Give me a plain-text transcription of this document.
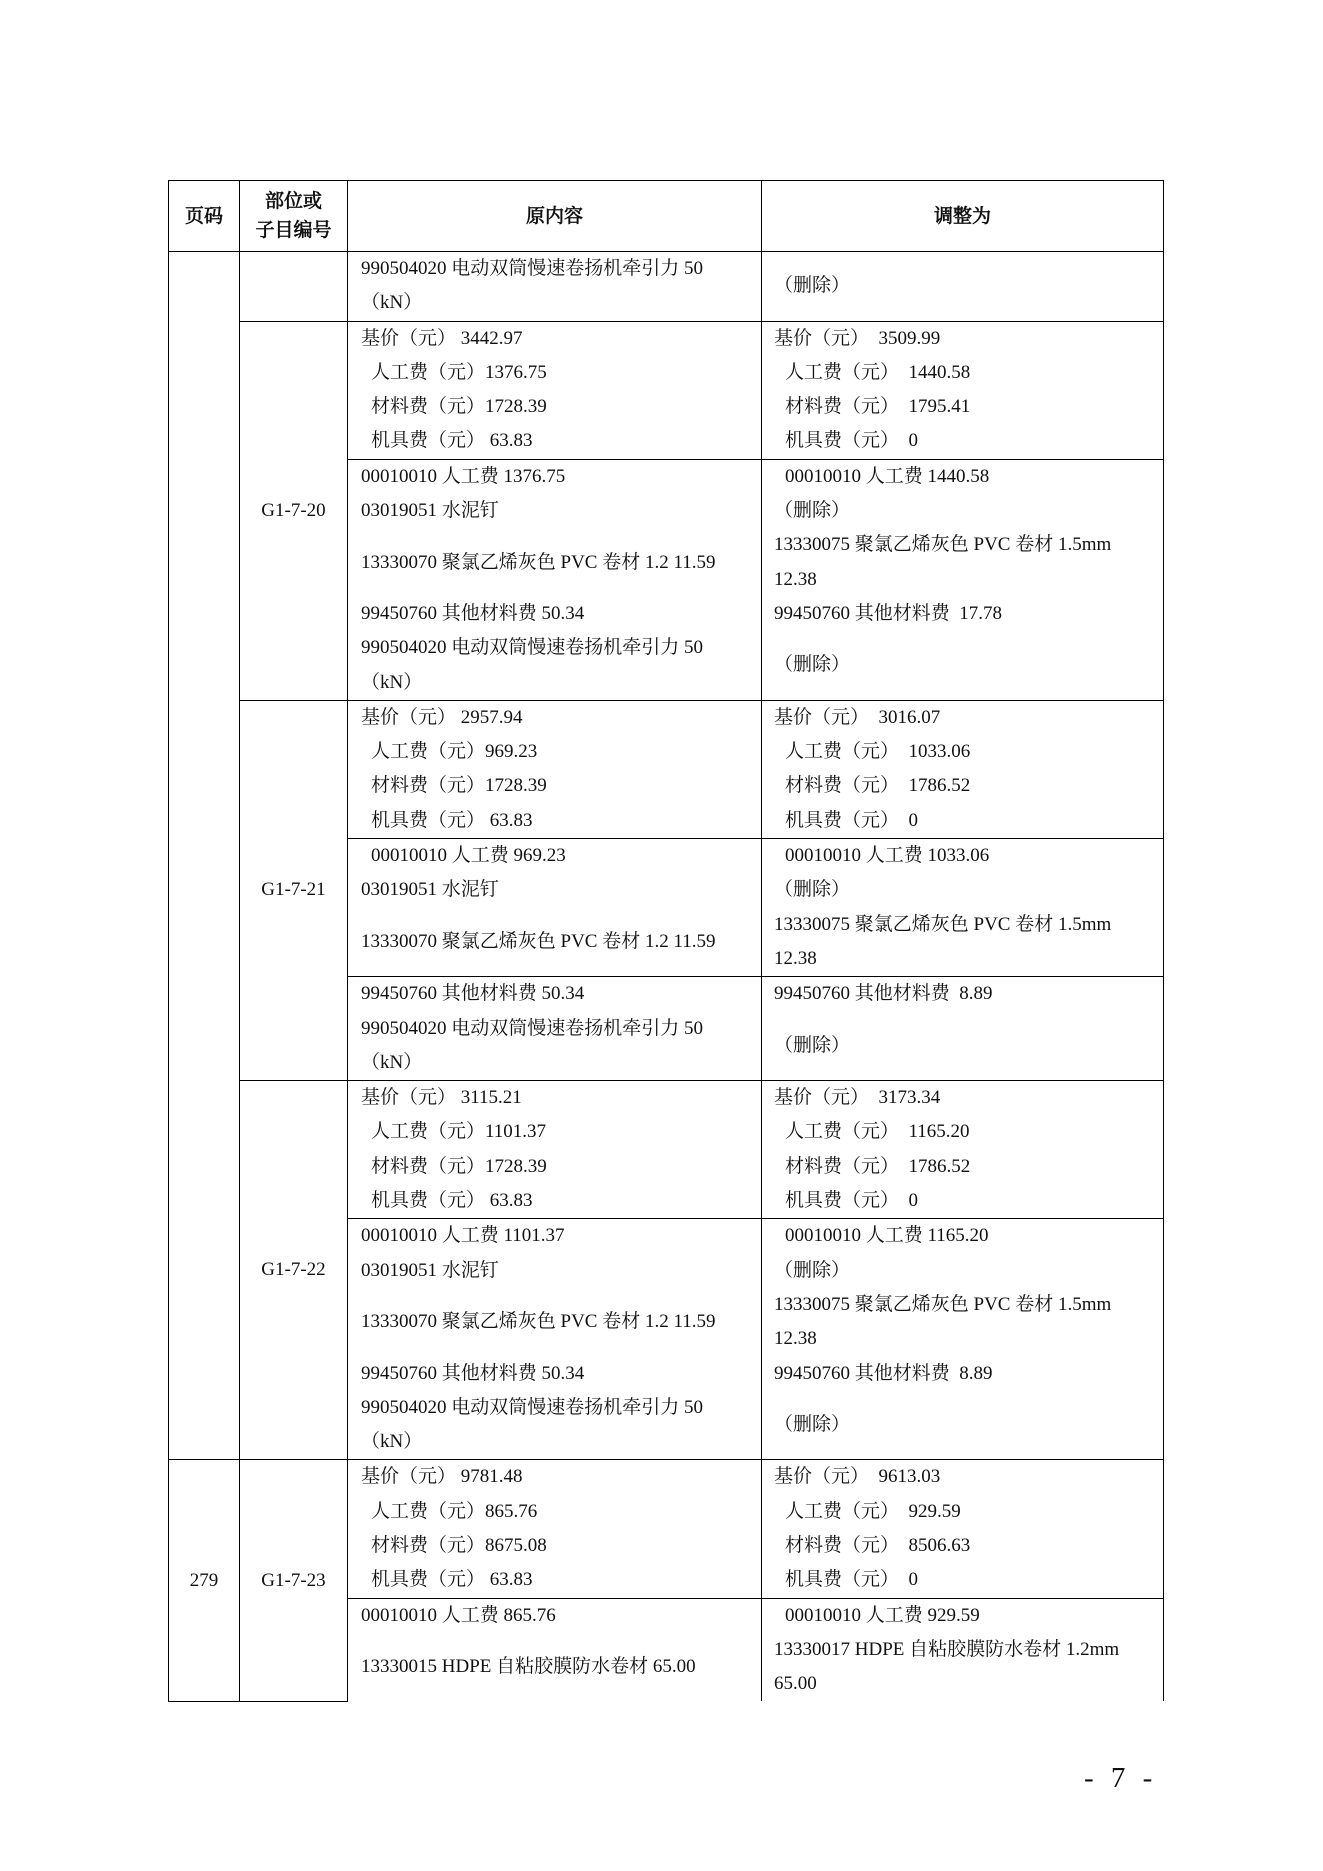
页码	部位或
子目编号	原内容	调整为
		990504020 电动双筒慢速卷扬机牵引力 50
（kN）	（删除）
	G1-7-20	基价（元） 3442.97	基价（元）  3509.99
		人工费（元）1376.75	人工费（元）  1440.58
		材料费（元）1728.39	材料费（元）  1795.41
		机具费（元） 63.83	机具费（元）  0
		00010010 人工费 1376.75	00010010 人工费 1440.58
		03019051 水泥钉	（删除）
		13330070 聚氯乙烯灰色 PVC 卷材 1.2 11.59	13330075 聚氯乙烯灰色 PVC 卷材 1.5mm
12.38
		99450760 其他材料费 50.34	99450760 其他材料费  17.78
		990504020 电动双筒慢速卷扬机牵引力 50
（kN）	（删除）
	G1-7-21	基价（元） 2957.94	基价（元）  3016.07
		人工费（元）969.23	人工费（元）  1033.06
		材料费（元）1728.39	材料费（元）  1786.52
		机具费（元） 63.83	机具费（元）  0
		00010010 人工费 969.23	00010010 人工费 1033.06
		03019051 水泥钉	（删除）
		13330070 聚氯乙烯灰色 PVC 卷材 1.2 11.59	13330075 聚氯乙烯灰色 PVC 卷材 1.5mm
12.38
		99450760 其他材料费 50.34	99450760 其他材料费  8.89
		990504020 电动双筒慢速卷扬机牵引力 50
（kN）	（删除）
	G1-7-22	基价（元） 3115.21	基价（元）  3173.34
		人工费（元）1101.37	人工费（元）  1165.20
		材料费（元）1728.39	材料费（元）  1786.52
		机具费（元） 63.83	机具费（元）  0
		00010010 人工费 1101.37	00010010 人工费 1165.20
		03019051 水泥钉	（删除）
		13330070 聚氯乙烯灰色 PVC 卷材 1.2 11.59	13330075 聚氯乙烯灰色 PVC 卷材 1.5mm
12.38
		99450760 其他材料费 50.34	99450760 其他材料费  8.89
		990504020 电动双筒慢速卷扬机牵引力 50
（kN）	（删除）
279	G1-7-23	基价（元） 9781.48	基价（元）  9613.03
		人工费（元）865.76	人工费（元）  929.59
		材料费（元）8675.08	材料费（元）  8506.63
		机具费（元） 63.83	机具费（元）  0
		00010010 人工费 865.76	00010010 人工费 929.59
		13330015 HDPE 自粘胶膜防水卷材 65.00	13330017 HDPE 自粘胶膜防水卷材 1.2mm
65.00
- 7 -
